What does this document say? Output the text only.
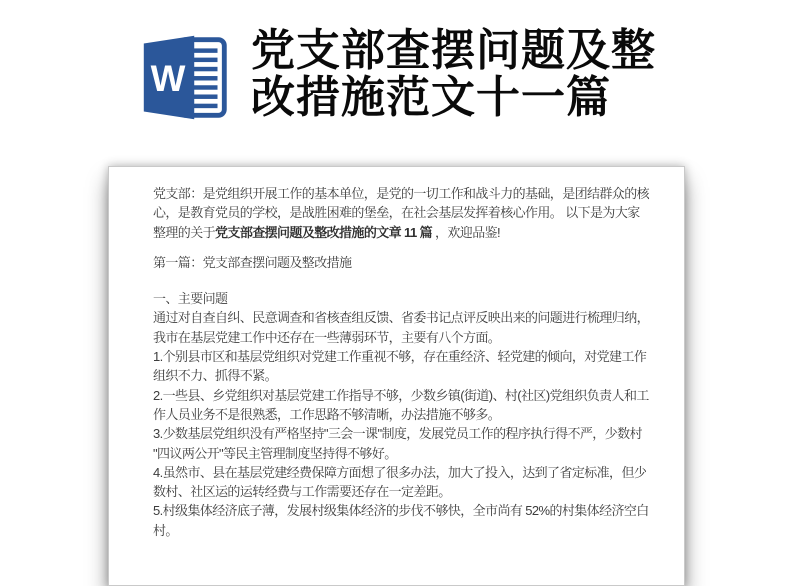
W
党支部查摆问题及整
改措施范文十一篇
党支部：是党组织开展工作的基本单位，是党的一切工作和战斗力的基础，是团结群众的核
心，是教育党员的学校，是战胜困难的堡垒，在社会基层发挥着核心作用。 以下是为大家
整理的关于党支部查摆问题及整改措施的文章 11 篇 ，欢迎品鉴!
第一篇：党支部查摆问题及整改措施
一、主要问题
通过对自查自纠、民意调查和省核查组反馈、省委书记点评反映出来的问题进行梳理归纳，
我市在基层党建工作中还存在一些薄弱环节，主要有八个方面。
1.个别县市区和基层党组织对党建工作重视不够，存在重经济、轻党建的倾向，对党建工作
组织不力、抓得不紧。
2.一些县、乡党组织对基层党建工作指导不够，少数乡镇(街道)、村(社区)党组织负责人和工
作人员业务不是很熟悉，工作思路不够清晰，办法措施不够多。
3.少数基层党组织没有严格坚持"三会一课"制度，发展党员工作的程序执行得不严，少数村
"四议两公开"等民主管理制度坚持得不够好。
4.虽然市、县在基层党建经费保障方面想了很多办法，加大了投入，达到了省定标准，但少
数村、社区运的运转经费与工作需要还存在一定差距。
5.村级集体经济底子薄，发展村级集体经济的步伐不够快，全市尚有 52%的村集体经济空白
村。
